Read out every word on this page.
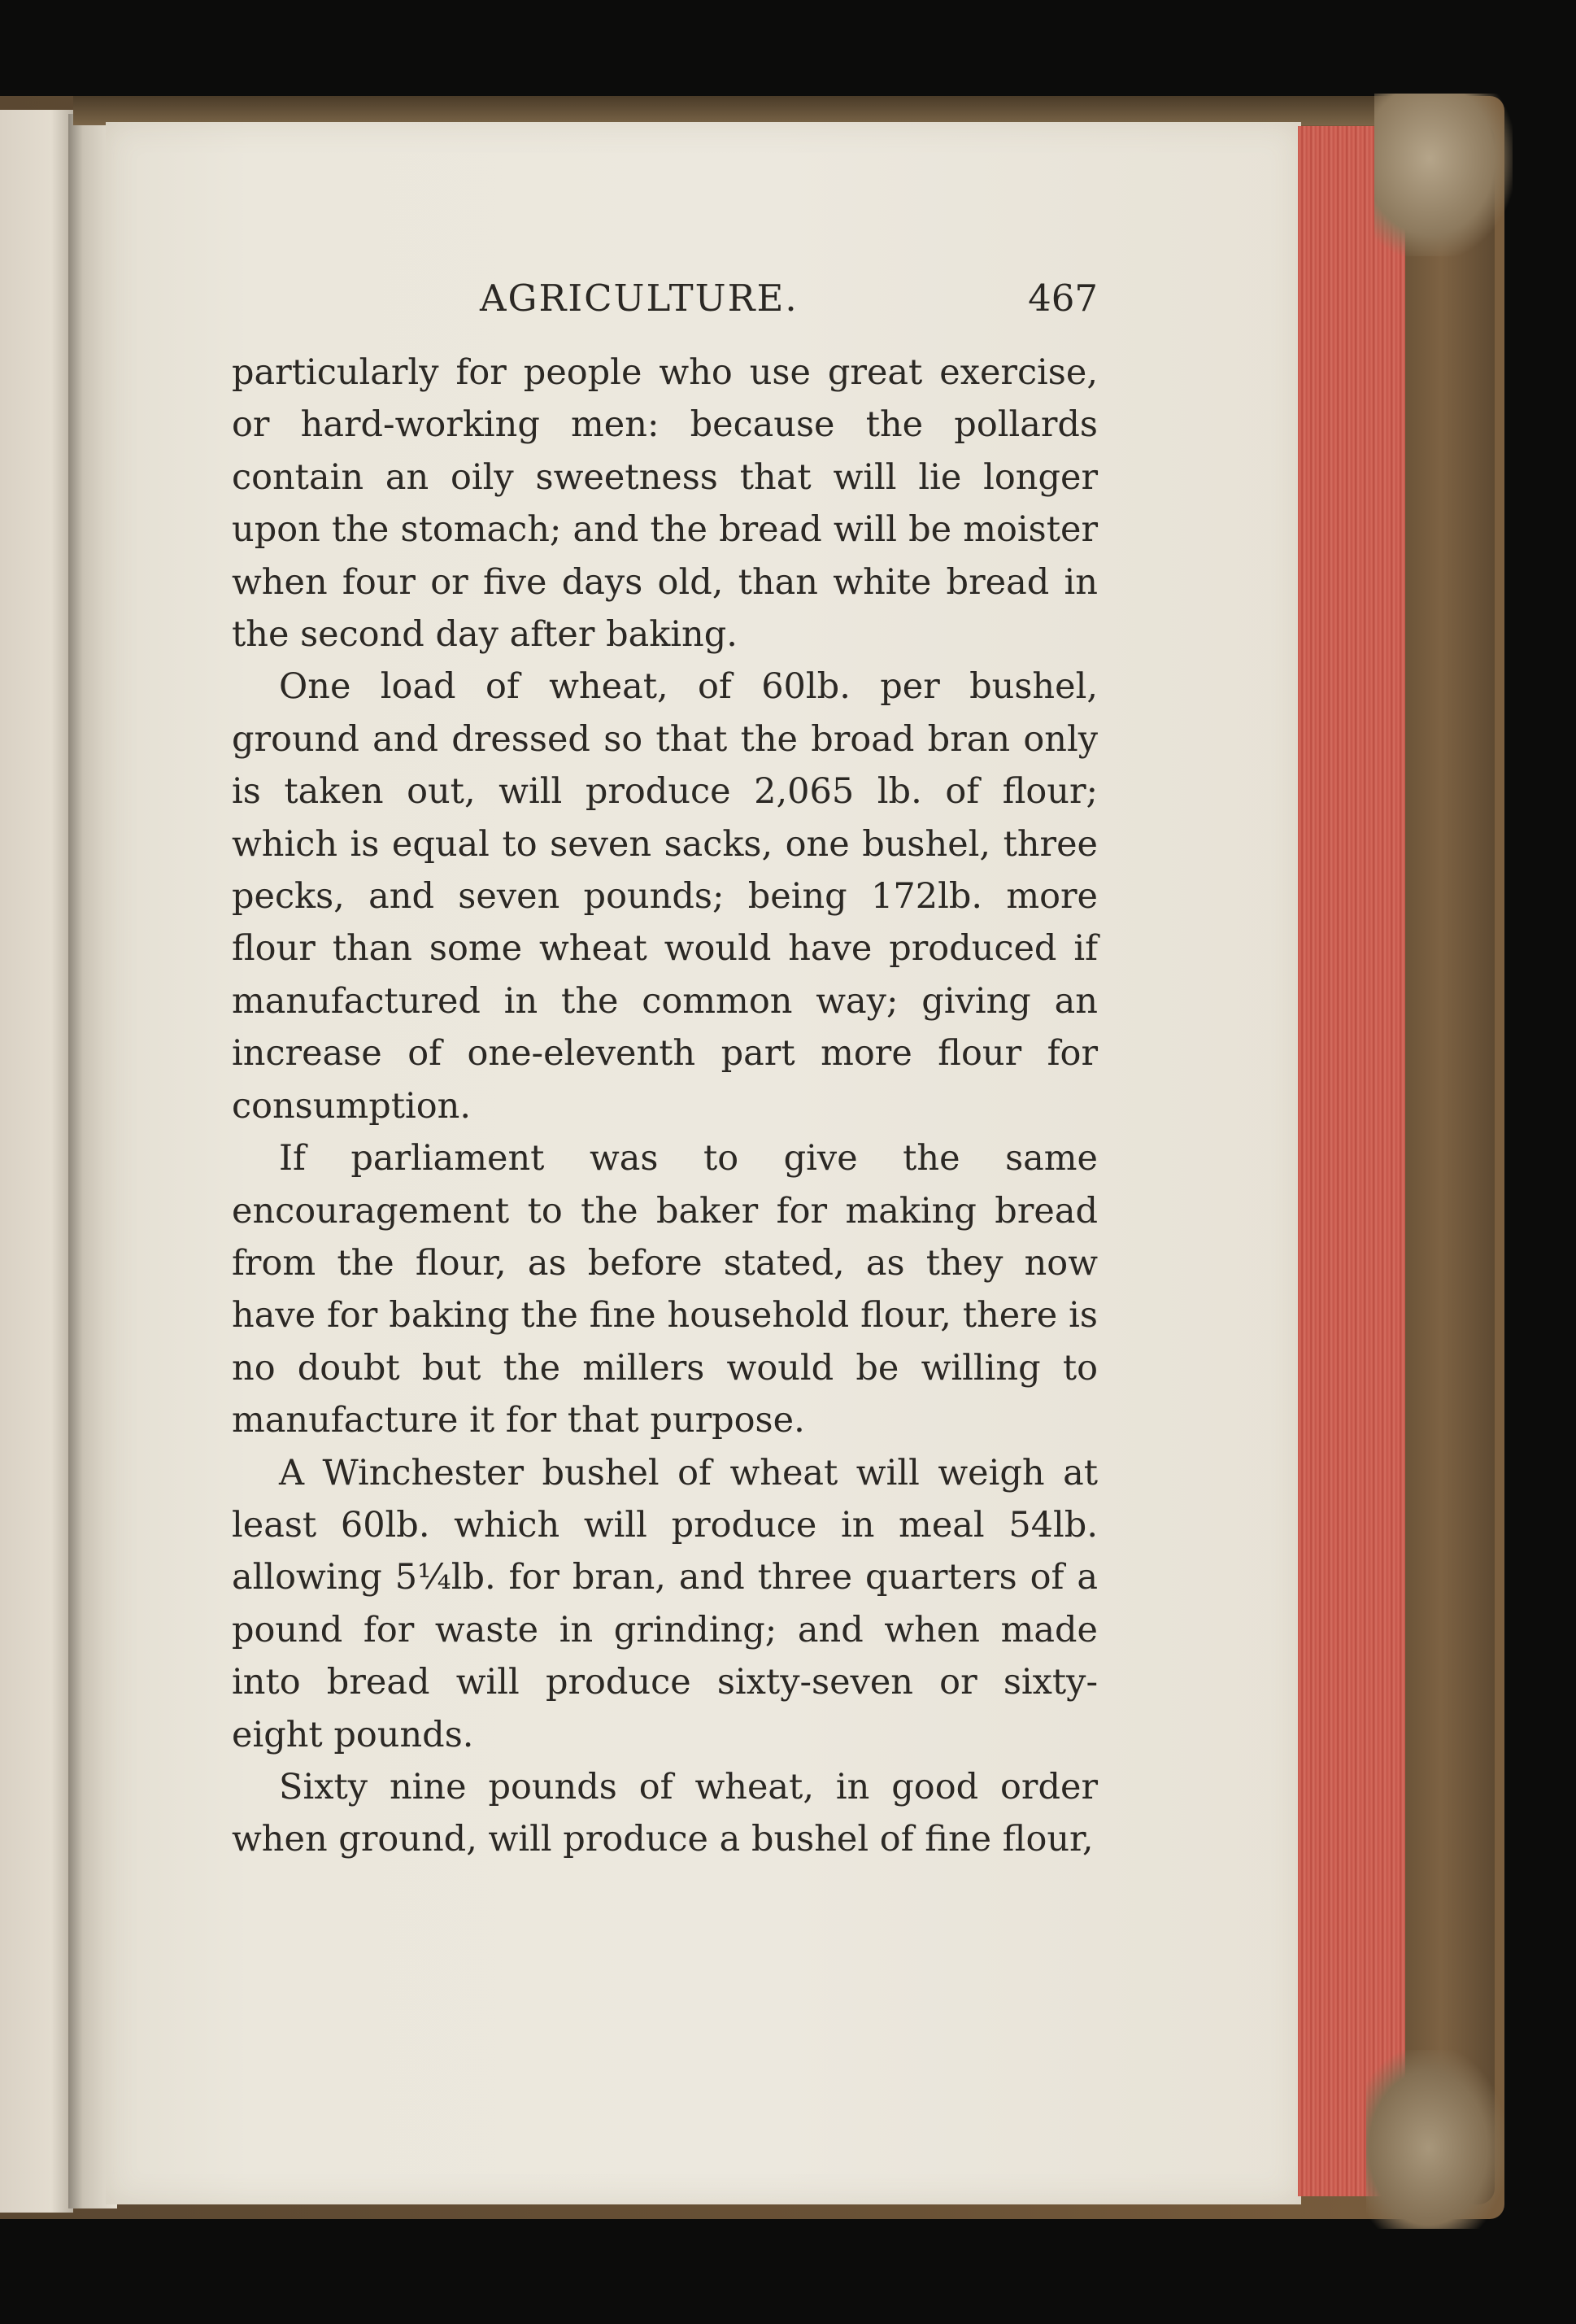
AGRICULTURE.	467

particularly for people who use great exercise, or hard-working men: because the pollards contain an oily sweetness that will lie longer upon the stomach; and the bread will be moister when four or five days old, than white bread in the second day after baking.

One load of wheat, of 60lb. per bushel, ground and dressed so that the broad bran only is taken out, will produce 2,065 lb. of flour; which is equal to seven sacks, one bushel, three pecks, and seven pounds; being 172lb. more flour than some wheat would have produced if manufactured in the common way; giving an increase of one-eleventh part more flour for consumption.

If parliament was to give the same encouragement to the baker for making bread from the flour, as before stated, as they now have for baking the fine household flour, there is no doubt but the millers would be willing to manufacture it for that purpose.

A Winchester bushel of wheat will weigh at least 60lb. which will produce in meal 54lb. allowing 5¼lb. for bran, and three quarters of a pound for waste in grinding; and when made into bread will produce sixty-seven or sixty-eight pounds.

Sixty nine pounds of wheat, in good order when ground, will produce a bushel of fine flour,
